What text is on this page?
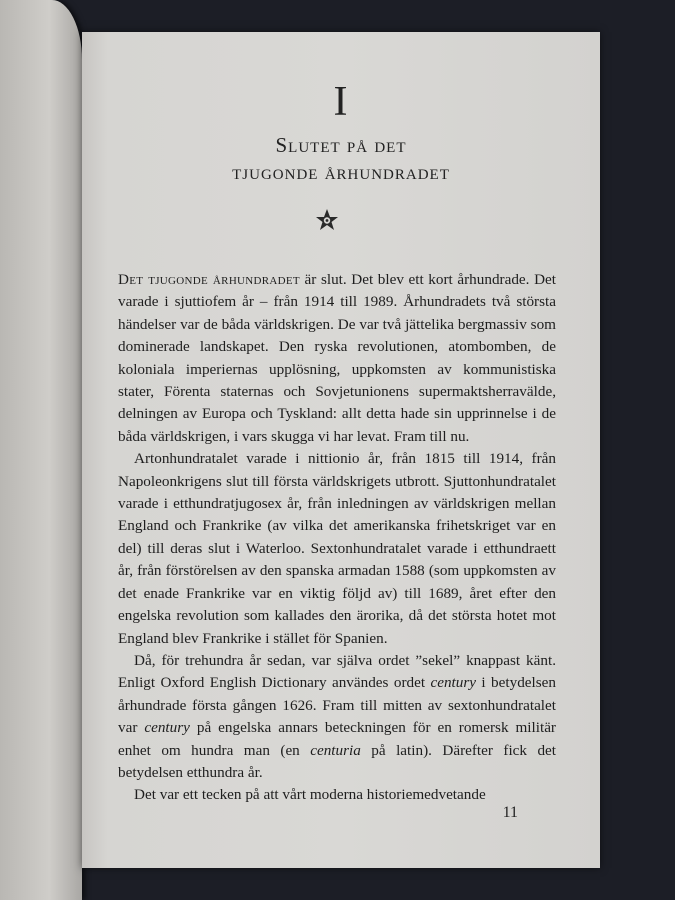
I
Slutet på det
tjugonde århundradet

Det tjugonde århundradet är slut. Det blev ett kort århundrade. Det varade i sjuttiofem år – från 1914 till 1989. Århundradets två största händelser var de båda världskrigen. De var två jättelika bergmassiv som dominerade landskapet. Den ryska revolutionen, atombomben, de koloniala imperiernas upplösning, uppkomsten av kommunistiska stater, Förenta staternas och Sovjetunionens supermaktsherravälde, delningen av Europa och Tyskland: allt detta hade sin upprinnelse i de båda världskrigen, i vars skugga vi har levat. Fram till nu.

Artonhundratalet varade i nittionio år, från 1815 till 1914, från Napoleonkrigens slut till första världskrigets utbrott. Sjuttonhundratalet varade i etthundratjugosex år, från inledningen av världskrigen mellan England och Frankrike (av vilka det amerikanska frihetskriget var en del) till deras slut i Waterloo. Sextonhundratalet varade i etthundraett år, från förstörelsen av den spanska armadan 1588 (som uppkomsten av det enade Frankrike var en viktig följd av) till 1689, året efter den engelska revolution som kallades den ärorika, då det största hotet mot England blev Frankrike i stället för Spanien.

Då, för trehundra år sedan, var själva ordet ”sekel” knappast känt. Enligt Oxford English Dictionary användes ordet century i betydelsen århundrade första gången 1626. Fram till mitten av sextonhundratalet var century på engelska annars beteckningen för en romersk militär enhet om hundra man (en centuria på latin). Därefter fick det betydelsen etthundra år.

Det var ett tecken på att vårt moderna historiemedvetande

11
